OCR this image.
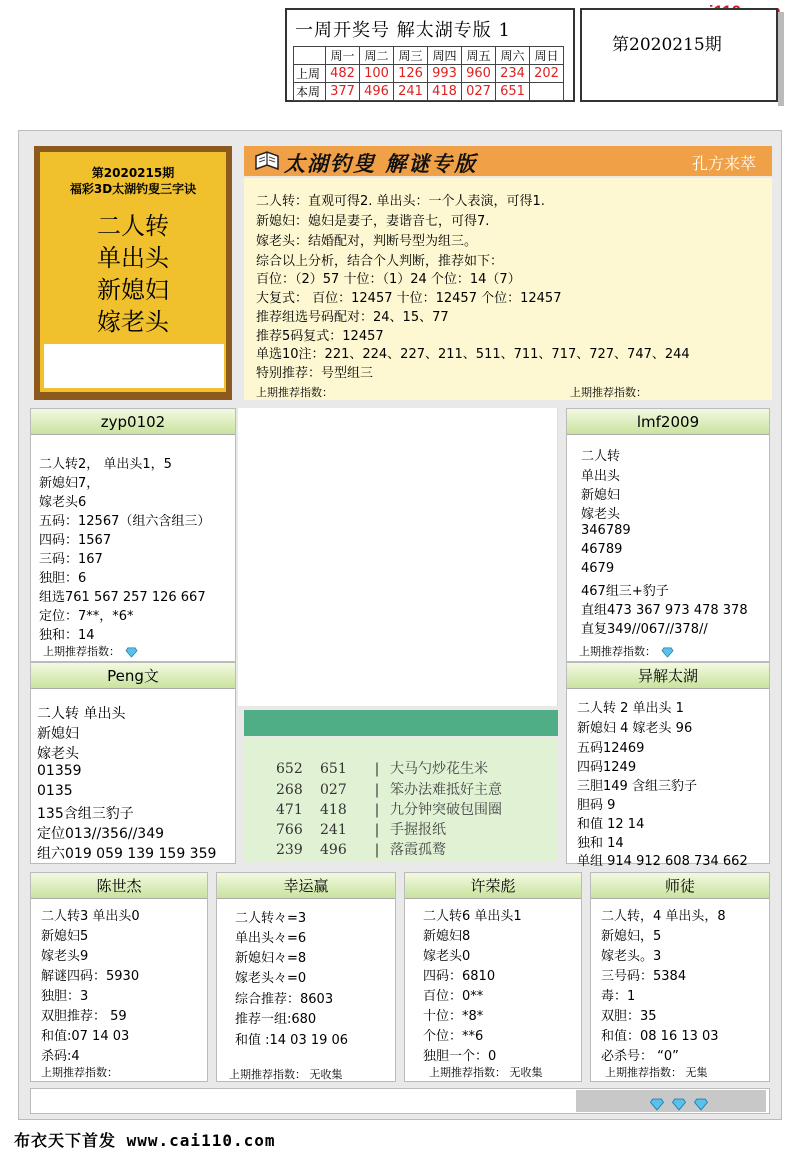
一周开奖号 解太湖专版 1
	周一	周二	周三	周四	周五	周六	周日
上周	482	100	126	993	960	234	202
本周	377	496	241	418	027	651	
第2020215期
第2020215期
福彩3D太湖钓叟三字诀
二人转
单出头
新媳妇
嫁老头
太湖钓叟 解谜专版	孔方来萃
二人转：直观可得2. 单出头：一个人表演，可得1.
新媳妇：媳妇是妻子，妻谐音七，可得7.
嫁老头：结婚配对，判断号型为组三。
综合以上分析，结合个人判断，推荐如下：
百位：（2）57 十位：（1）24 个位：14（7）
大复式： 百位：12457 十位：12457 个位：12457
推荐组选号码配对：24、15、77
推荐5码复式：12457
单选10注：221、224、227、211、511、711、717、727、747、244
特别推荐：号型组三
上期推荐指数：	上期推荐指数：
zyp0102
二人转2， 单出头1，5
新媳妇7，
嫁老头6
五码：12567（组六含组三）
四码：1567
三码：167
独胆：6
组选761 567 257 126 667
定位：7**，*6*
独和：14
上期推荐指数：
652 651 | 大马勺炒花生米
268 027 | 笨办法难抵好主意
471 418 | 九分钟突破包围圈
766 241 | 手握报纸
239 496 | 落霞孤鹜
lmf2009
二人转
单出头
新媳妇
嫁老头
346789
46789
4679
467组三+豹子
直组473 367 973 478 378
直复349//067//378//
上期推荐指数：
Peng文
二人转 单出头
新媳妇
嫁老头
01359
0135
135含组三豹子
定位013//356//349
组六019 059 139 159 359
异解太湖
二人转 2 单出头 1
新媳妇 4 嫁老头 96
五码12469
四码1249
三胆149 含组三豹子
胆码 9
和值 12 14
独和 14
单组 914 912 608 734 662
陈世杰
二人转3 单出头0
新媳妇5
嫁老头9
解谜四码：5930
独胆：3
双胆推荐： 59
和值:07 14 03
杀码:4
上期推荐指数：
幸运赢
二人转々=3
单出头々=6
新媳妇々=8
嫁老头々=0
综合推荐：8603
推荐一组:680
和值 :14 03 19 06
上期推荐指数： 无收集
许荣彪
二人转6 单出头1
新媳妇8
嫁老头0
四码：6810
百位：0**
十位：*8*
个位：**6
独胆一个：0
上期推荐指数： 无收集
师徒
二人转，4 单出头，8
新媳妇，5
嫁老头。3
三号码：5384
毒：1
双胆：35
和值：08 16 13 03
必杀号： “0”
上期推荐指数： 无集

布衣天下首发 www.cai110.com
